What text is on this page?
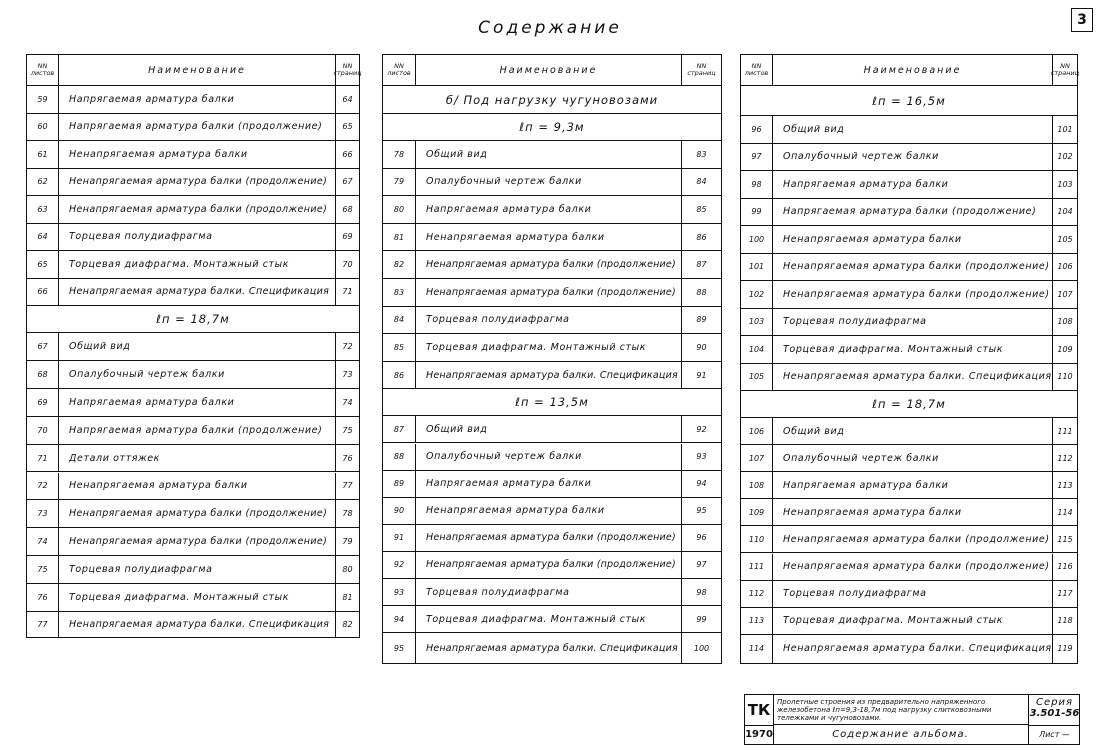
Содержание	3
NN листов	Наименование	NN страниц
59	Напрягаемая арматура балки	64
60	Напрягаемая арматура балки (продолжение)	65
61	Ненапрягаемая арматура балки	66
62	Ненапрягаемая арматура балки (продолжение)	67
63	Ненапрягаемая арматура балки (продолжение)	68
64	Торцевая полудиафрагма	69
65	Торцевая диафрагма. Монтажный стык	70
66	Ненапрягаемая арматура балки. Спецификация	71
ℓп = 18,7м
67	Общий вид	72
68	Опалубочный чертеж балки	73
69	Напрягаемая арматура балки	74
70	Напрягаемая арматура балки (продолжение)	75
71	Детали оттяжек	76
72	Ненапрягаемая арматура балки	77
73	Ненапрягаемая арматура балки (продолжение)	78
74	Ненапрягаемая арматура балки (продолжение)	79
75	Торцевая полудиафрагма	80
76	Торцевая диафрагма. Монтажный стык	81
77	Ненапрягаемая арматура балки. Спецификация	82
NN листов	Наименование	NN страниц
б/ Под нагрузку чугуновозами
ℓп = 9,3м
78	Общий вид	83
79	Опалубочный чертеж балки	84
80	Напрягаемая арматура балки	85
81	Ненапрягаемая арматура балки	86
82	Ненапрягаемая арматура балки (продолжение)	87
83	Ненапрягаемая арматура балки (продолжение)	88
84	Торцевая полудиафрагма	89
85	Торцевая диафрагма. Монтажный стык	90
86	Ненапрягаемая арматура балки. Спецификация	91
ℓп = 13,5м
87	Общий вид	92
88	Опалубочный чертеж балки	93
89	Напрягаемая арматура балки	94
90	Ненапрягаемая арматура балки	95
91	Ненапрягаемая арматура балки (продолжение)	96
92	Ненапрягаемая арматура балки (продолжение)	97
93	Торцевая полудиафрагма	98
94	Торцевая диафрагма. Монтажный стык	99
95	Ненапрягаемая арматура балки. Спецификация	100
NN листов	Наименование	NN страниц
ℓп = 16,5м
96	Общий вид	101
97	Опалубочный чертеж балки	102
98	Напрягаемая арматура балки	103
99	Напрягаемая арматура балки (продолжение)	104
100	Ненапрягаемая арматура балки	105
101	Ненапрягаемая арматура балки (продолжение) 106
102	Ненапрягаемая арматура балки (продолжение) 107
103	Торцевая полудиафрагма	108
104	Торцевая диафрагма. Монтажный стык	109
105	Ненапрягаемая арматура балки. Спецификация 110
ℓп = 18,7м
106	Общий вид	111
107	Опалубочный чертеж балки	112
108	Напрягаемая арматура балки	113
109	Ненапрягаемая арматура балки	114
110	Ненапрягаемая арматура балки (продолжение) 115
111	Ненапрягаемая арматура балки (продолжение) 116
112	Торцевая полудиафрагма	117
113	Торцевая диафрагма. Монтажный стык	118
114	Ненапрягаемая арматура балки. Спецификация 119
ТК
1970
Пролетные строения из предварительно напряженного железобетона ℓп=9,3-18,7м под нагрузку слитковозными тележками и чугуновозами.
Содержание альбома.
Серия
3.501-56
Лист —
